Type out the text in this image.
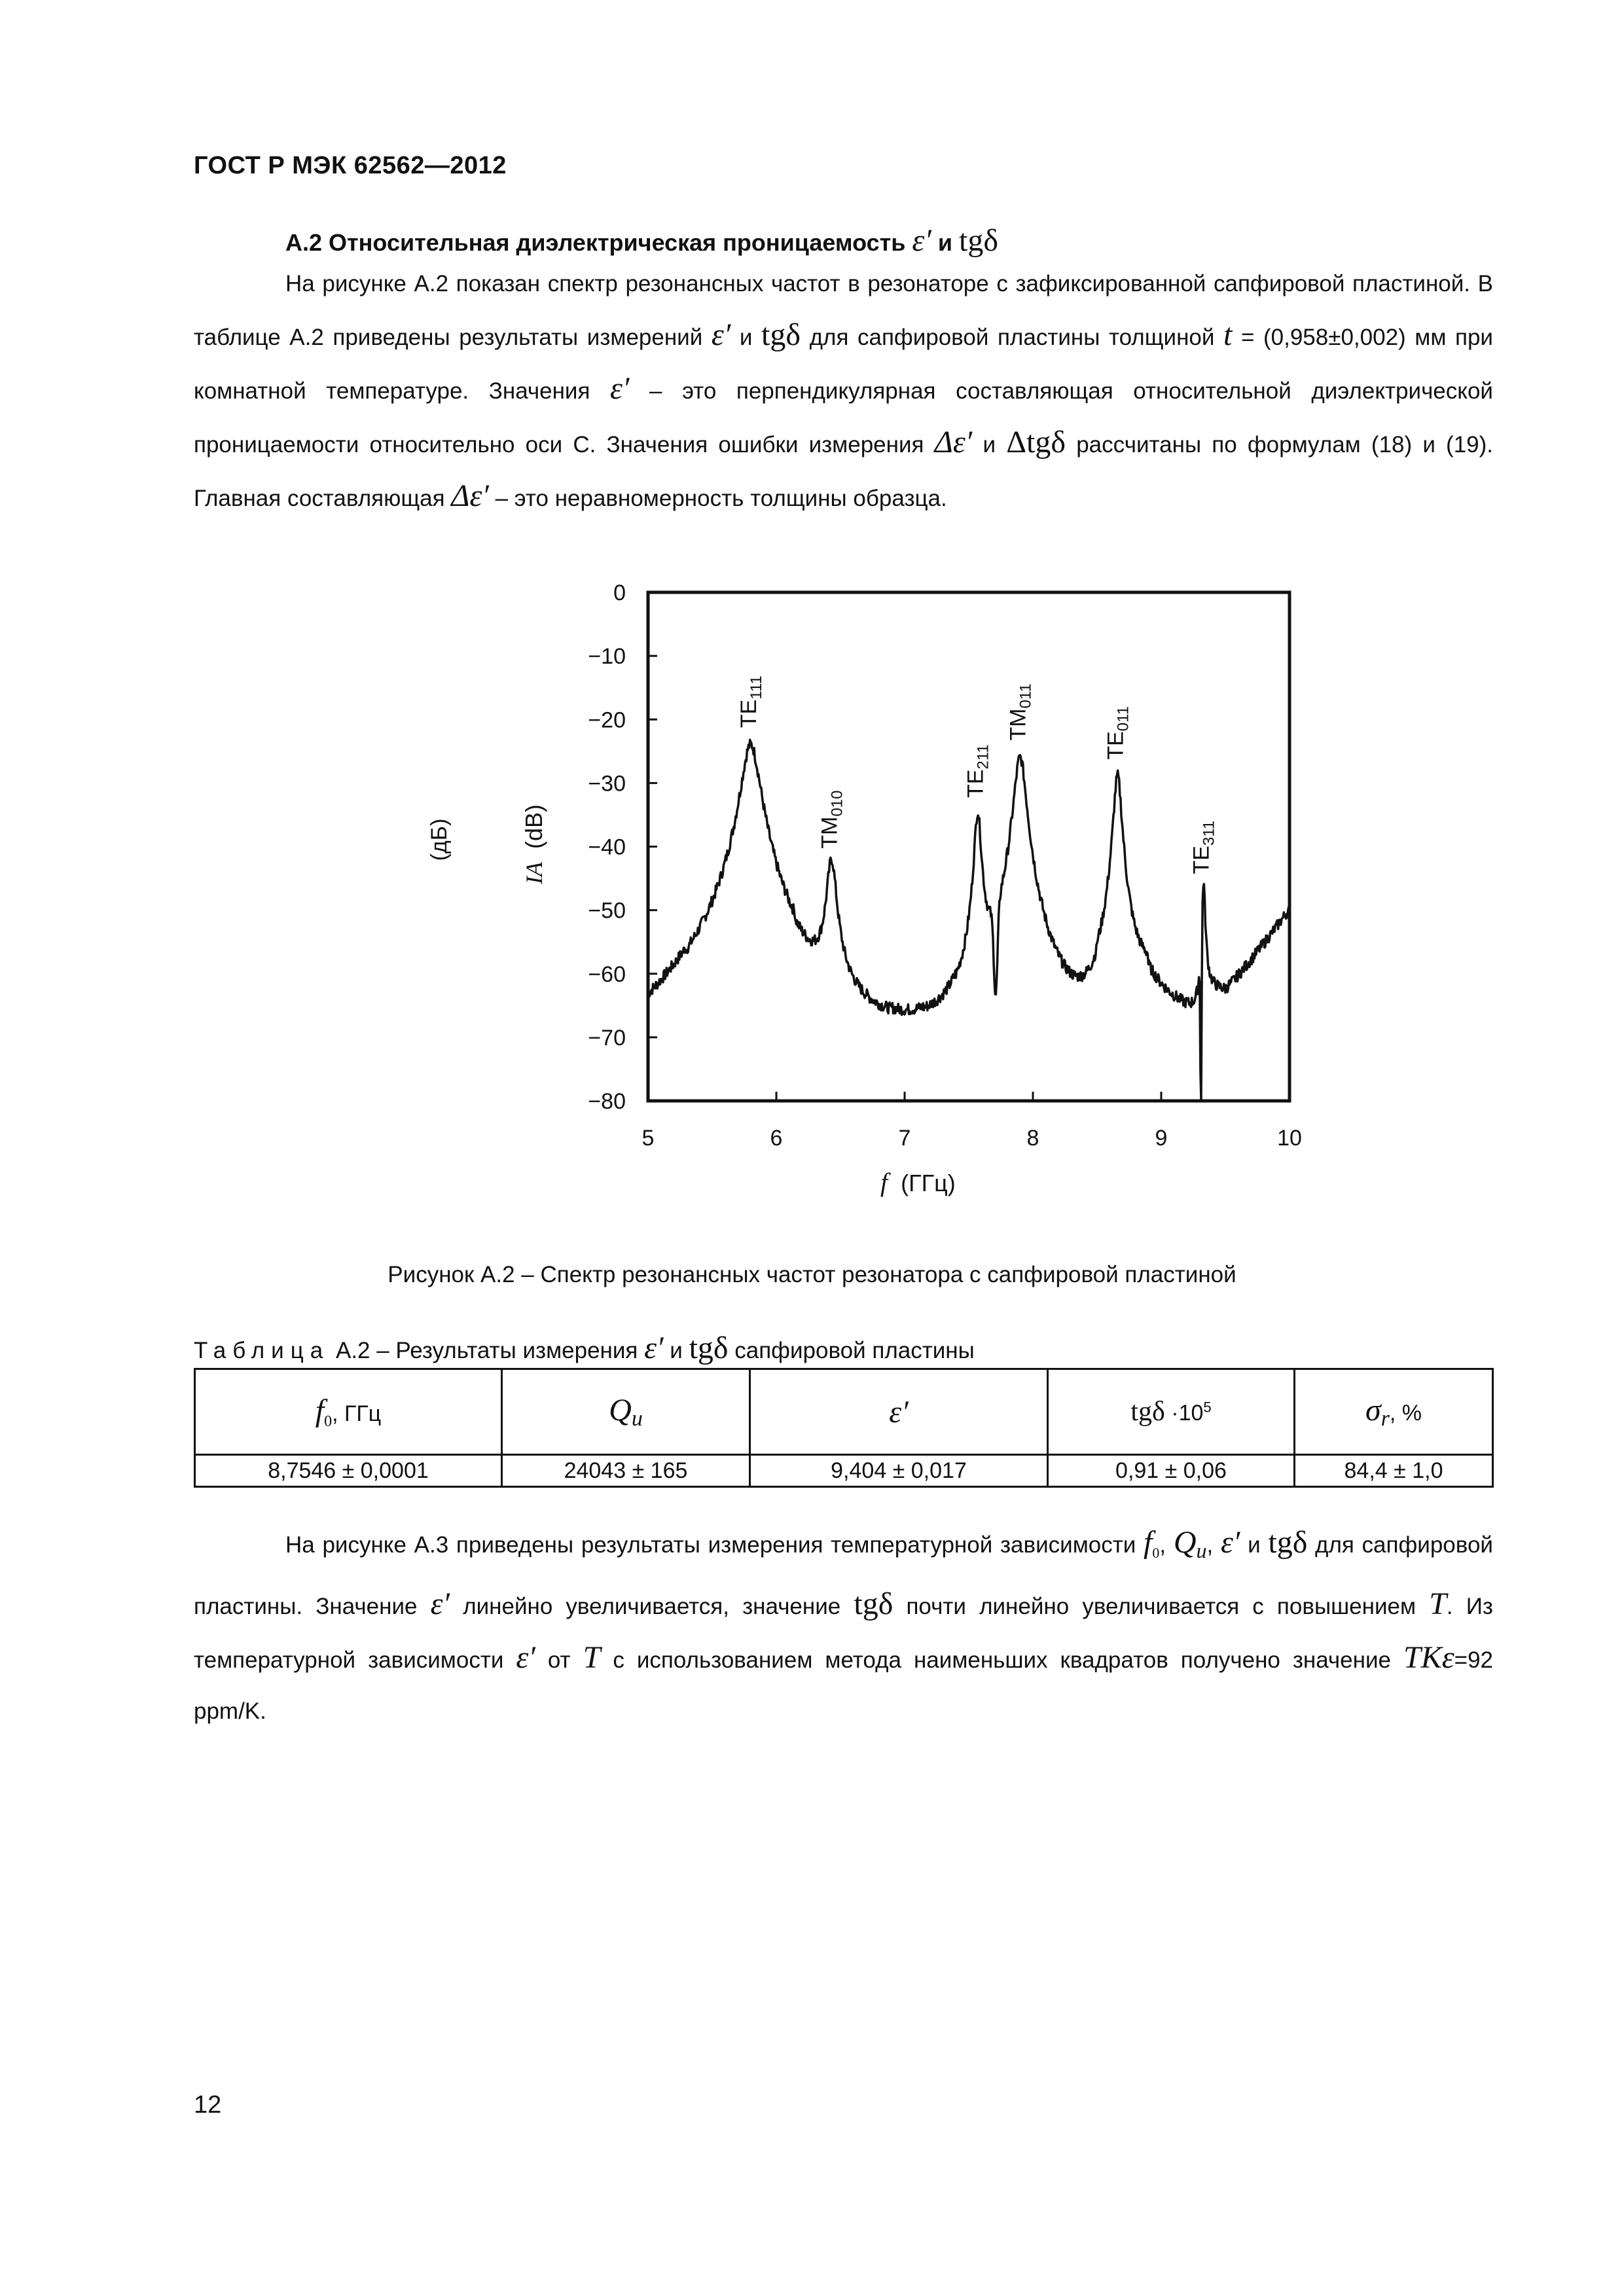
ГОСТ Р МЭК 62562—2012
А.2 Относительная диэлектрическая проницаемость ε′ и tgδ

На рисунке А.2 показан спектр резонансных частот в резонаторе с зафиксированной сапфировой пластиной. В таблице А.2 приведены результаты измерений ε′ и tgδ для сапфировой пластины толщиной t = (0,958±0,002) мм при комнатной температуре. Значения ε′ – это перпендикулярная составляющая относительной диэлектрической проницаемости относительно оси С. Значения ошибки измерения Δε′ и Δtgδ рассчитаны по формулам (18) и (19). Главная составляющая Δε′ – это неравномерность толщины образца.

0
−10
−20
−30
−40
−50
−60
−70
−80
5	6	7	8	9	10
$TE_{111}$
$TM_{010}$
$TE_{211}$
$TM_{011}$
$TE_{011}$
$TE_{311}$
(дБ)
IA (dB)
f (ГГц)
Рисунок А.2 – Спектр резонансных частот резонатора с сапфировой пластиной
Таблица А.2 – Результаты измерения ε′ и tgδ сапфировой пластины
$f_0$, ГГц	$Q_u$	ε′	$tg\delta \cdot 10^5$	$\sigma_r$, %
8,7546 ± 0,0001	24043 ± 165	9,404 ± 0,017	0,91 ± 0,06	84,4 ± 1,0

На рисунке А.3 приведены результаты измерения температурной зависимости $f_0$, $Q_u$, ε′ и tgδ для сапфировой пластины. Значение ε′ линейно увеличивается, значение tgδ почти линейно увеличивается с повышением T. Из температурной зависимости ε′ от T с использованием метода наименьших квадратов получено значение TKε=92 ppm/K.

12
